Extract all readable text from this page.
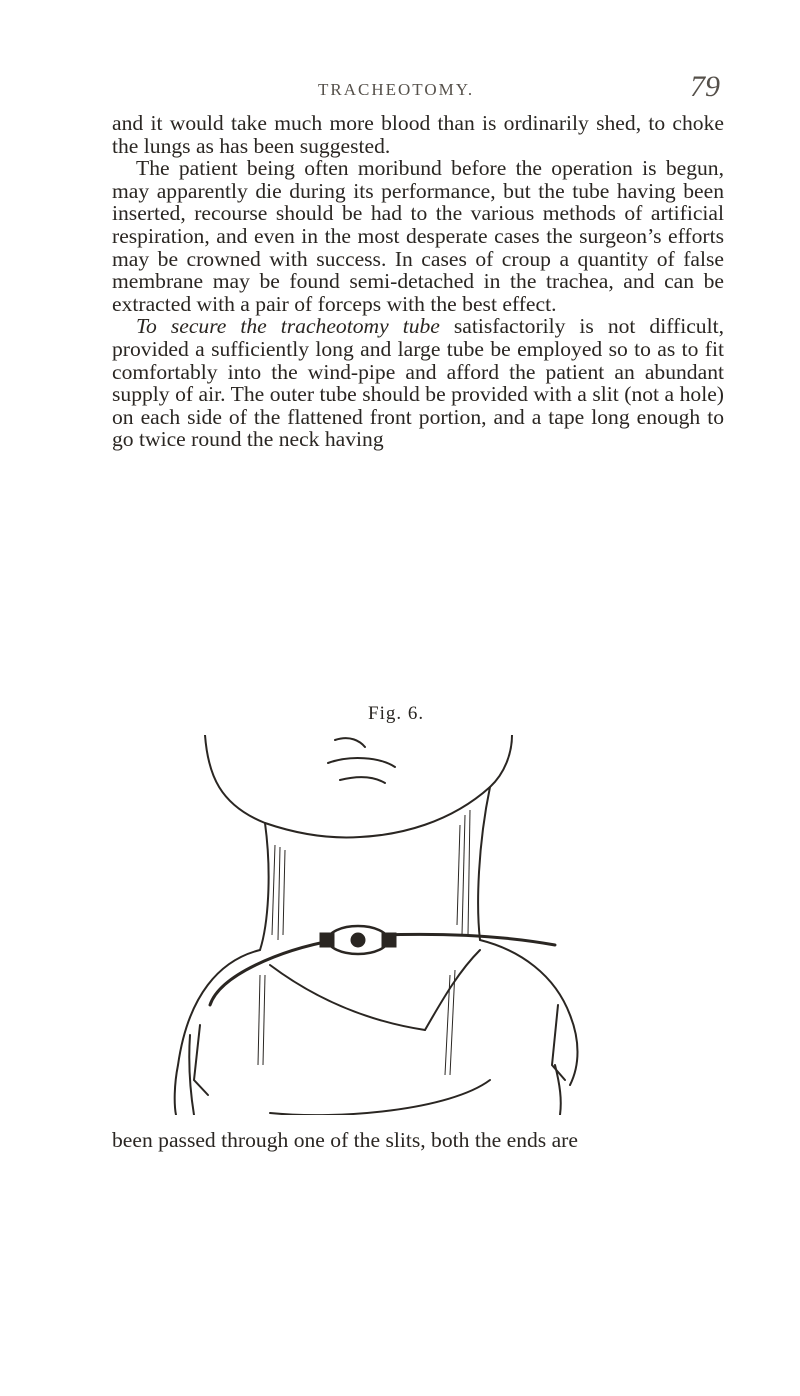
TRACHEOTOMY.	79

and it would take much more blood than is ordinarily shed, to choke the lungs as has been suggested.

The patient being often moribund before the operation is begun, may apparently die during its performance, but the tube having been inserted, recourse should be had to the various methods of artificial respiration, and even in the most desperate cases the surgeon’s efforts may be crowned with success. In cases of croup a quantity of false membrane may be found semi-detached in the trachea, and can be extracted with a pair of forceps with the best effect.

To secure the tracheotomy tube satisfactorily is not difficult, provided a sufficiently long and large tube be employed so to as to fit comfortably into the wind-pipe and afford the patient an abundant supply of air. The outer tube should be provided with a slit (not a hole) on each side of the flattened front portion, and a tape long enough to go twice round the neck having

Fig. 6.
been passed through one of the slits, both the ends are
